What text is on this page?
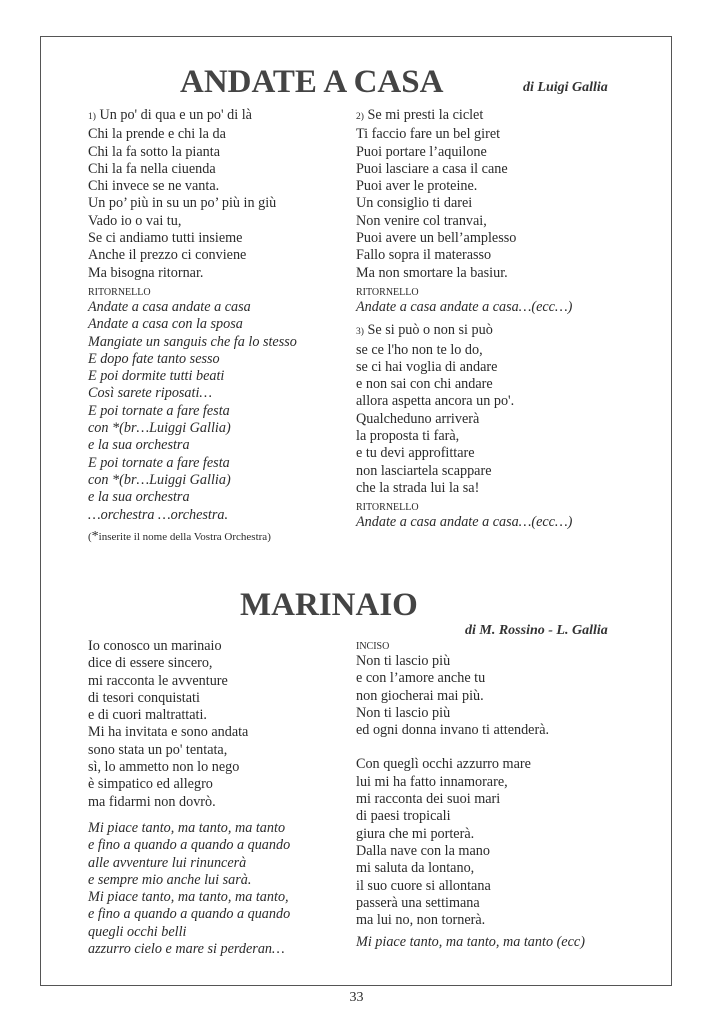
ANDATE A CASA	di Luigi Gallia
1) Un po' di qua e un po' di là
Chi la prende e chi la da
Chi la fa sotto la pianta
Chi la fa nella ciuenda
Chi invece se ne vanta.
Un po’ più in su un po’ più in giù
Vado io o vai tu,
Se ci andiamo tutti insieme
Anche il prezzo ci conviene
Ma bisogna ritornar.
RITORNELLO
Andate a casa andate a casa
Andate a casa con la sposa
Mangiate un sanguis che fa lo stesso
E dopo fate tanto sesso
E poi dormite tutti beati
Così sarete riposati…
E poi tornate a fare festa
con *(br…Luiggi Gallia)
e la sua orchestra
E poi tornate a fare festa
con *(br…Luiggi Gallia)
e la sua orchestra
…orchestra …orchestra.
(*inserite il nome della Vostra Orchestra)
2) Se mi presti la ciclet
Ti faccio fare un bel giret
Puoi portare l’aquilone
Puoi lasciare a casa il cane
Puoi aver le proteine.
Un consiglio ti darei
Non venire col tranvai,
Puoi avere un bell’amplesso
Fallo sopra il materasso
Ma non smortare la basiur.
RITORNELLO
Andate a casa andate a casa…(ecc…)
3) Se si può o non si può
se ce l'ho non te lo do,
se ci hai voglia di andare
e non sai con chi andare
allora aspetta ancora un po'.
Qualcheduno arriverà
la proposta ti farà,
e tu devi approfittare
non lasciartela scappare
che la strada lui la sa!
RITORNELLO
Andate a casa andate a casa…(ecc…)
MARINAIO
di M. Rossino - L. Gallia
Io conosco un marinaio
dice di essere sincero,
mi racconta le avventure
di tesori conquistati
e di cuori maltrattati.
Mi ha invitata e sono andata
sono stata un po' tentata,
sì, lo ammetto non lo nego
è simpatico ed allegro
ma fidarmi non dovrò.
Mi piace tanto, ma tanto, ma tanto
e fino a quando a quando a quando
alle avventure lui rinuncerà
e sempre mio anche lui sarà.
Mi piace tanto, ma tanto, ma tanto,
e fino a quando a quando a quando
quegli occhi belli
azzurro cielo e mare si perderan…
INCISO
Non ti lascio più
e con l’amore anche tu
non giocherai mai più.
Non ti lascio più
ed ogni donna invano ti attenderà.
Con queglì occhi azzurro mare
lui mi ha fatto innamorare,
mi racconta dei suoi mari
di paesi tropicali
giura che mi porterà.
Dalla nave con la mano
mi saluta da lontano,
il suo cuore si allontana
passerà una settimana
ma lui no, non tornerà.
Mi piace tanto, ma tanto, ma tanto (ecc)
33
